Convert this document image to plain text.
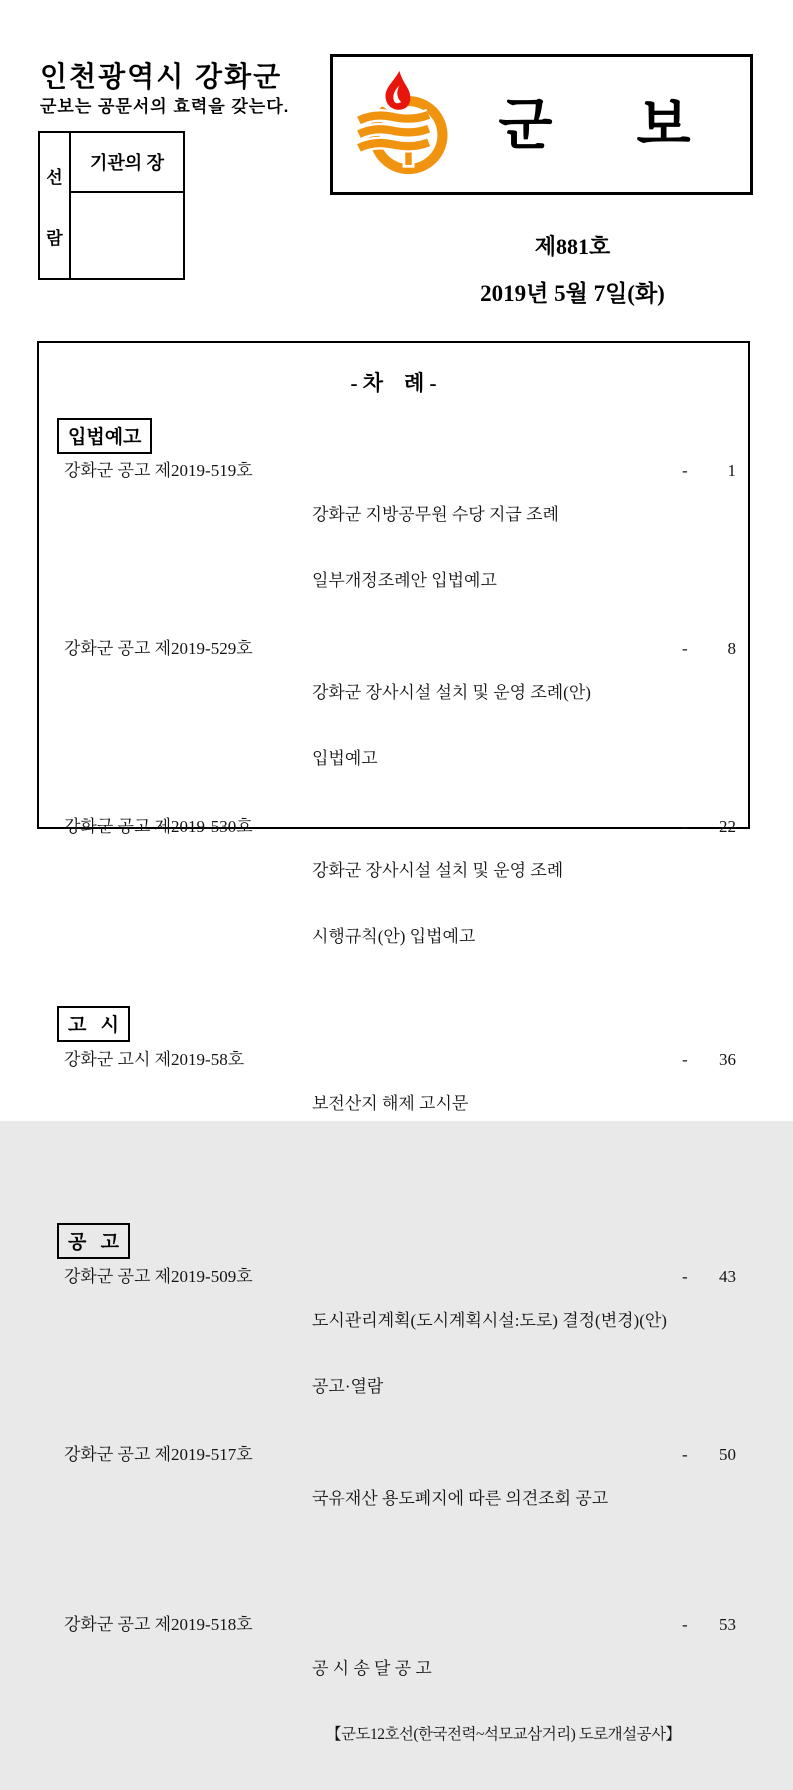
인천광역시 강화군
군보는 공문서의 효력을 갖는다.
선
람
기관의 장
군 보
제881호
2019년 5월 7일(화)
- 차    례 -
입법예고
강화군 공고 제2019-519호

강화군 지방공무원 수당 지급 조례

일부개정조례안 입법예고

- 1
강화군 공고 제2019-529호

강화군 장사시설 설치 및 운영 조례(안)

입법예고

- 8
강화군 공고 제2019-530호

강화군 장사시설 설치 및 운영 조례

시행규칙(안) 입법예고

- 22
고   시
강화군 고시 제2019-58호

보전산지 해제 고시문

- 36
공   고
강화군 공고 제2019-509호

도시관리계획(도시계획시설:도로) 결정(변경)(안)

공고·열람

- 43
강화군 공고 제2019-517호

국유재산 용도폐지에 따른 의견조회 공고

- 50
강화군 공고 제2019-518호

공 시 송 달 공 고

【군도12호선(한국전력~석모교삼거리) 도로개설공사】

- 53
